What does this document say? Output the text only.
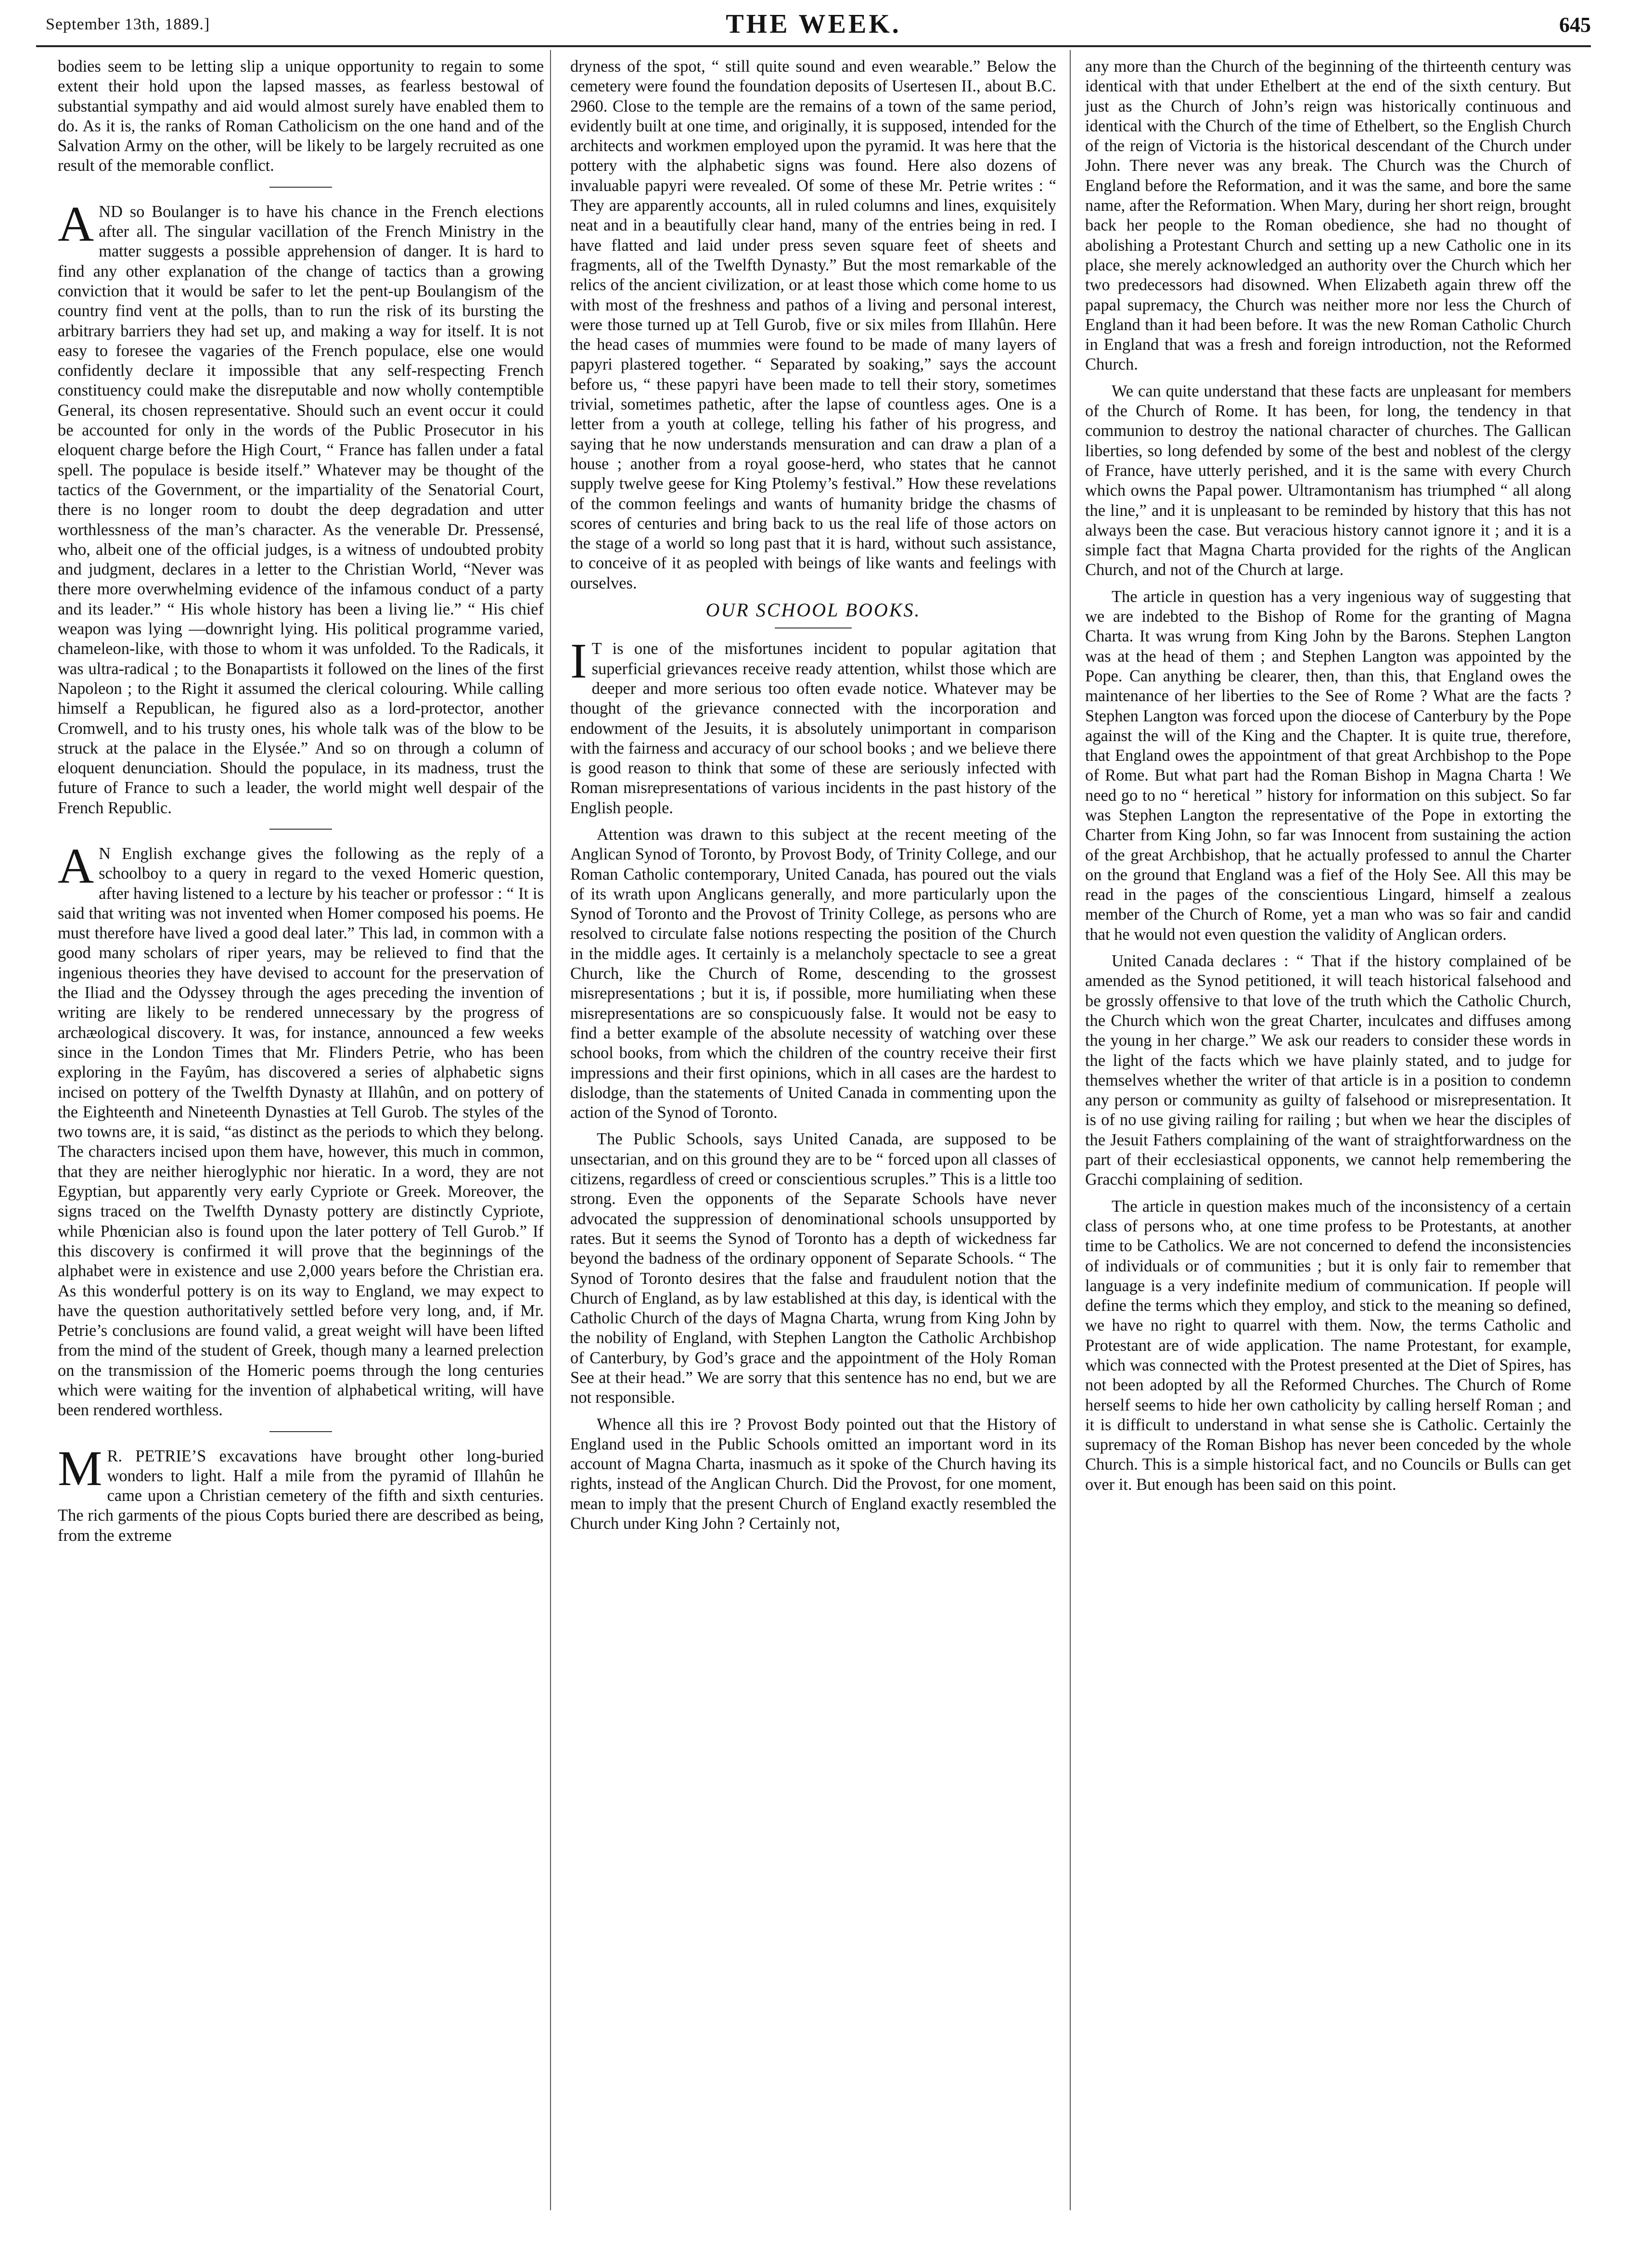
September 13th, 1889.]	THE WEEK.	645

bodies seem to be letting slip a unique opportunity to regain to some extent their hold upon the lapsed masses, as fearless bestowal of substantial sympathy and aid would almost surely have enabled them to do. As it is, the ranks of Roman Catholicism on the one hand and of the Salvation Army on the other, will be likely to be largely recruited as one result of the memorable conflict.

AND so Boulanger is to have his chance in the French elections after all. The singular vacillation of the French Ministry in the matter suggests a possible apprehension of danger. It is hard to find any other explanation of the change of tactics than a growing conviction that it would be safer to let the pent-up Boulangism of the country find vent at the polls, than to run the risk of its bursting the arbitrary barriers they had set up, and making a way for itself. It is not easy to foresee the vagaries of the French populace, else one would confidently declare it impossible that any self-respecting French constituency could make the disreputable and now wholly contemptible General, its chosen representative. Should such an event occur it could be accounted for only in the words of the Public Prosecutor in his eloquent charge before the High Court, “ France has fallen under a fatal spell. The populace is beside itself.” Whatever may be thought of the tactics of the Government, or the impartiality of the Senatorial Court, there is no longer room to doubt the deep degradation and utter worthlessness of the man’s character. As the venerable Dr. Pressensé, who, albeit one of the official judges, is a witness of undoubted probity and judgment, declares in a letter to the Christian World, “Never was there more overwhelming evidence of the infamous conduct of a party and its leader.” “ His whole history has been a living lie.” “ His chief weapon was lying —downright lying. His political programme varied, chameleon-like, with those to whom it was unfolded. To the Radicals, it was ultra-radical ; to the Bonapartists it followed on the lines of the first Napoleon ; to the Right it assumed the clerical colouring. While calling himself a Republican, he figured also as a lord-protector, another Cromwell, and to his trusty ones, his whole talk was of the blow to be struck at the palace in the Elysée.” And so on through a column of eloquent denunciation. Should the populace, in its madness, trust the future of France to such a leader, the world might well despair of the French Republic.

AN English exchange gives the following as the reply of a schoolboy to a query in regard to the vexed Homeric question, after having listened to a lecture by his teacher or professor : “ It is said that writing was not invented when Homer composed his poems. He must therefore have lived a good deal later.” This lad, in common with a good many scholars of riper years, may be relieved to find that the ingenious theories they have devised to account for the preservation of the Iliad and the Odyssey through the ages preceding the invention of writing are likely to be rendered unnecessary by the progress of archæological discovery. It was, for instance, announced a few weeks since in the London Times that Mr. Flinders Petrie, who has been exploring in the Fayûm, has discovered a series of alphabetic signs incised on pottery of the Twelfth Dynasty at Illahûn, and on pottery of the Eighteenth and Nineteenth Dynasties at Tell Gurob. The styles of the two towns are, it is said, “as distinct as the periods to which they belong. The characters incised upon them have, however, this much in common, that they are neither hieroglyphic nor hieratic. In a word, they are not Egyptian, but apparently very early Cypriote or Greek. Moreover, the signs traced on the Twelfth Dynasty pottery are distinctly Cypriote, while Phœnician also is found upon the later pottery of Tell Gurob.” If this discovery is confirmed it will prove that the beginnings of the alphabet were in existence and use 2,000 years before the Christian era. As this wonderful pottery is on its way to England, we may expect to have the question authoritatively settled before very long, and, if Mr. Petrie’s conclusions are found valid, a great weight will have been lifted from the mind of the student of Greek, though many a learned prelection on the transmission of the Homeric poems through the long centuries which were waiting for the invention of alphabetical writing, will have been rendered worthless.

MR. PETRIE’S excavations have brought other long-buried wonders to light. Half a mile from the pyramid of Illahûn he came upon a Christian cemetery of the fifth and sixth centuries. The rich garments of the pious Copts buried there are described as being, from the extreme

dryness of the spot, “ still quite sound and even wearable.” Below the cemetery were found the foundation deposits of Usertesen II., about B.C. 2960. Close to the temple are the remains of a town of the same period, evidently built at one time, and originally, it is supposed, intended for the architects and workmen employed upon the pyramid. It was here that the pottery with the alphabetic signs was found. Here also dozens of invaluable papyri were revealed. Of some of these Mr. Petrie writes : “ They are apparently accounts, all in ruled columns and lines, exquisitely neat and in a beautifully clear hand, many of the entries being in red. I have flatted and laid under press seven square feet of sheets and fragments, all of the Twelfth Dynasty.” But the most remarkable of the relics of the ancient civilization, or at least those which come home to us with most of the freshness and pathos of a living and personal interest, were those turned up at Tell Gurob, five or six miles from Illahûn. Here the head cases of mummies were found to be made of many layers of papyri plastered together. “ Separated by soaking,” says the account before us, “ these papyri have been made to tell their story, sometimes trivial, sometimes pathetic, after the lapse of countless ages. One is a letter from a youth at college, telling his father of his progress, and saying that he now understands mensuration and can draw a plan of a house ; another from a royal goose-herd, who states that he cannot supply twelve geese for King Ptolemy’s festival.” How these revelations of the common feelings and wants of humanity bridge the chasms of scores of centuries and bring back to us the real life of those actors on the stage of a world so long past that it is hard, without such assistance, to conceive of it as peopled with beings of like wants and feelings with ourselves.

OUR SCHOOL BOOKS.

IT is one of the misfortunes incident to popular agitation that superficial grievances receive ready attention, whilst those which are deeper and more serious too often evade notice. Whatever may be thought of the grievance connected with the incorporation and endowment of the Jesuits, it is absolutely unimportant in comparison with the fairness and accuracy of our school books ; and we believe there is good reason to think that some of these are seriously infected with Roman misrepresentations of various incidents in the past history of the English people.

Attention was drawn to this subject at the recent meeting of the Anglican Synod of Toronto, by Provost Body, of Trinity College, and our Roman Catholic contemporary, United Canada, has poured out the vials of its wrath upon Anglicans generally, and more particularly upon the Synod of Toronto and the Provost of Trinity College, as persons who are resolved to circulate false notions respecting the position of the Church in the middle ages. It certainly is a melancholy spectacle to see a great Church, like the Church of Rome, descending to the grossest misrepresentations ; but it is, if possible, more humiliating when these misrepresentations are so conspicuously false. It would not be easy to find a better example of the absolute necessity of watching over these school books, from which the children of the country receive their first impressions and their first opinions, which in all cases are the hardest to dislodge, than the statements of United Canada in commenting upon the action of the Synod of Toronto.

The Public Schools, says United Canada, are supposed to be unsectarian, and on this ground they are to be “ forced upon all classes of citizens, regardless of creed or conscientious scruples.” This is a little too strong. Even the opponents of the Separate Schools have never advocated the suppression of denominational schools unsupported by rates. But it seems the Synod of Toronto has a depth of wickedness far beyond the badness of the ordinary opponent of Separate Schools. “ The Synod of Toronto desires that the false and fraudulent notion that the Church of England, as by law established at this day, is identical with the Catholic Church of the days of Magna Charta, wrung from King John by the nobility of England, with Stephen Langton the Catholic Archbishop of Canterbury, by God’s grace and the appointment of the Holy Roman See at their head.” We are sorry that this sentence has no end, but we are not responsible.

Whence all this ire ? Provost Body pointed out that the History of England used in the Public Schools omitted an important word in its account of Magna Charta, inasmuch as it spoke of the Church having its rights, instead of the Anglican Church. Did the Provost, for one moment, mean to imply that the present Church of England exactly resembled the Church under King John ? Certainly not,

any more than the Church of the beginning of the thirteenth century was identical with that under Ethelbert at the end of the sixth century. But just as the Church of John’s reign was historically continuous and identical with the Church of the time of Ethelbert, so the English Church of the reign of Victoria is the historical descendant of the Church under John. There never was any break. The Church was the Church of England before the Reformation, and it was the same, and bore the same name, after the Reformation. When Mary, during her short reign, brought back her people to the Roman obedience, she had no thought of abolishing a Protestant Church and setting up a new Catholic one in its place, she merely acknowledged an authority over the Church which her two predecessors had disowned. When Elizabeth again threw off the papal supremacy, the Church was neither more nor less the Church of England than it had been before. It was the new Roman Catholic Church in England that was a fresh and foreign introduction, not the Reformed Church.

We can quite understand that these facts are unpleasant for members of the Church of Rome. It has been, for long, the tendency in that communion to destroy the national character of churches. The Gallican liberties, so long defended by some of the best and noblest of the clergy of France, have utterly perished, and it is the same with every Church which owns the Papal power. Ultramontanism has triumphed “ all along the line,” and it is unpleasant to be reminded by history that this has not always been the case. But veracious history cannot ignore it ; and it is a simple fact that Magna Charta provided for the rights of the Anglican Church, and not of the Church at large.

The article in question has a very ingenious way of suggesting that we are indebted to the Bishop of Rome for the granting of Magna Charta. It was wrung from King John by the Barons. Stephen Langton was at the head of them ; and Stephen Langton was appointed by the Pope. Can anything be clearer, then, than this, that England owes the maintenance of her liberties to the See of Rome ? What are the facts ? Stephen Langton was forced upon the diocese of Canterbury by the Pope against the will of the King and the Chapter. It is quite true, therefore, that England owes the appointment of that great Archbishop to the Pope of Rome. But what part had the Roman Bishop in Magna Charta ! We need go to no “ heretical ” history for information on this subject. So far was Stephen Langton the representative of the Pope in extorting the Charter from King John, so far was Innocent from sustaining the action of the great Archbishop, that he actually professed to annul the Charter on the ground that England was a fief of the Holy See. All this may be read in the pages of the conscientious Lingard, himself a zealous member of the Church of Rome, yet a man who was so fair and candid that he would not even question the validity of Anglican orders.

United Canada declares : “ That if the history complained of be amended as the Synod petitioned, it will teach historical falsehood and be grossly offensive to that love of the truth which the Catholic Church, the Church which won the great Charter, inculcates and diffuses among the young in her charge.” We ask our readers to consider these words in the light of the facts which we have plainly stated, and to judge for themselves whether the writer of that article is in a position to condemn any person or community as guilty of falsehood or misrepresentation. It is of no use giving railing for railing ; but when we hear the disciples of the Jesuit Fathers complaining of the want of straightforwardness on the part of their ecclesiastical opponents, we cannot help remembering the Gracchi complaining of sedition.

The article in question makes much of the inconsistency of a certain class of persons who, at one time profess to be Protestants, at another time to be Catholics. We are not concerned to defend the inconsistencies of individuals or of communities ; but it is only fair to remember that language is a very indefinite medium of communication. If people will define the terms which they employ, and stick to the meaning so defined, we have no right to quarrel with them. Now, the terms Catholic and Protestant are of wide application. The name Protestant, for example, which was connected with the Protest presented at the Diet of Spires, has not been adopted by all the Reformed Churches. The Church of Rome herself seems to hide her own catholicity by calling herself Roman ; and it is difficult to understand in what sense she is Catholic. Certainly the supremacy of the Roman Bishop has never been conceded by the whole Church. This is a simple historical fact, and no Councils or Bulls can get over it. But enough has been said on this point.
